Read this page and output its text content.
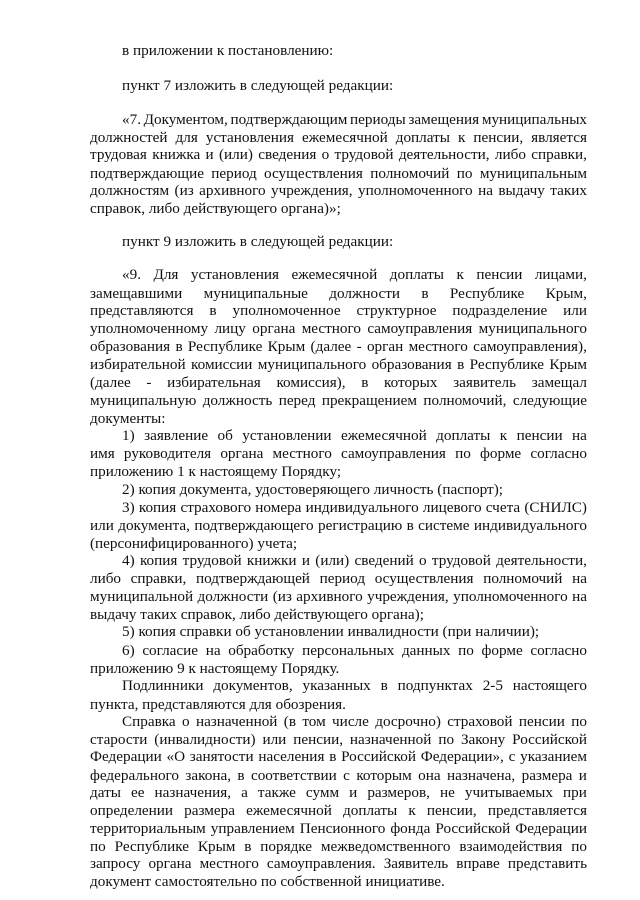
в приложении к постановлению:
пункт 7 изложить в следующей редакции:
«7. Документом, подтверждающим периоды замещения муниципальных
должностей для установления ежемесячной доплаты к пенсии, является
трудовая книжка и (или) сведения о трудовой деятельности, либо справки,
подтверждающие период осуществления полномочий по муниципальным
должностям (из архивного учреждения, уполномоченного на выдачу таких
справок, либо действующего органа)»;
пункт 9 изложить в следующей редакции:
«9. Для установления ежемесячной доплаты к пенсии лицами,
замещавшими муниципальные должности в Республике Крым,
представляются в уполномоченное структурное подразделение или
уполномоченному лицу органа местного самоуправления муниципального
образования в Республике Крым (далее - орган местного самоуправления),
избирательной комиссии муниципального образования в Республике Крым
(далее - избирательная комиссия), в которых заявитель замещал
муниципальную должность перед прекращением полномочий, следующие
документы:
1) заявление об установлении ежемесячной доплаты к пенсии на
имя руководителя органа местного самоуправления по форме согласно
приложению 1 к настоящему Порядку;
2) копия документа, удостоверяющего личность (паспорт);
3) копия страхового номера индивидуального лицевого счета (СНИЛС)
или документа, подтверждающего регистрацию в системе индивидуального
(персонифицированного) учета;
4) копия трудовой книжки и (или) сведений о трудовой деятельности,
либо справки, подтверждающей период осуществления полномочий на
муниципальной должности (из архивного учреждения, уполномоченного на
выдачу таких справок, либо действующего органа);
5) копия справки об установлении инвалидности (при наличии);
6) согласие на обработку персональных данных по форме согласно
приложению 9 к настоящему Порядку.
Подлинники документов, указанных в подпунктах 2-5 настоящего
пункта, представляются для обозрения.
Справка о назначенной (в том числе досрочно) страховой пенсии по
старости (инвалидности) или пенсии, назначенной по Закону Российской
Федерации «О занятости населения в Российской Федерации», с указанием
федерального закона, в соответствии с которым она назначена, размера и
даты ее назначения, а также сумм и размеров, не учитываемых при
определении размера ежемесячной доплаты к пенсии, представляется
территориальным управлением Пенсионного фонда Российской Федерации
по Республике Крым в порядке межведомственного взаимодействия по
запросу органа местного самоуправления. Заявитель вправе представить
документ самостоятельно по собственной инициативе.
